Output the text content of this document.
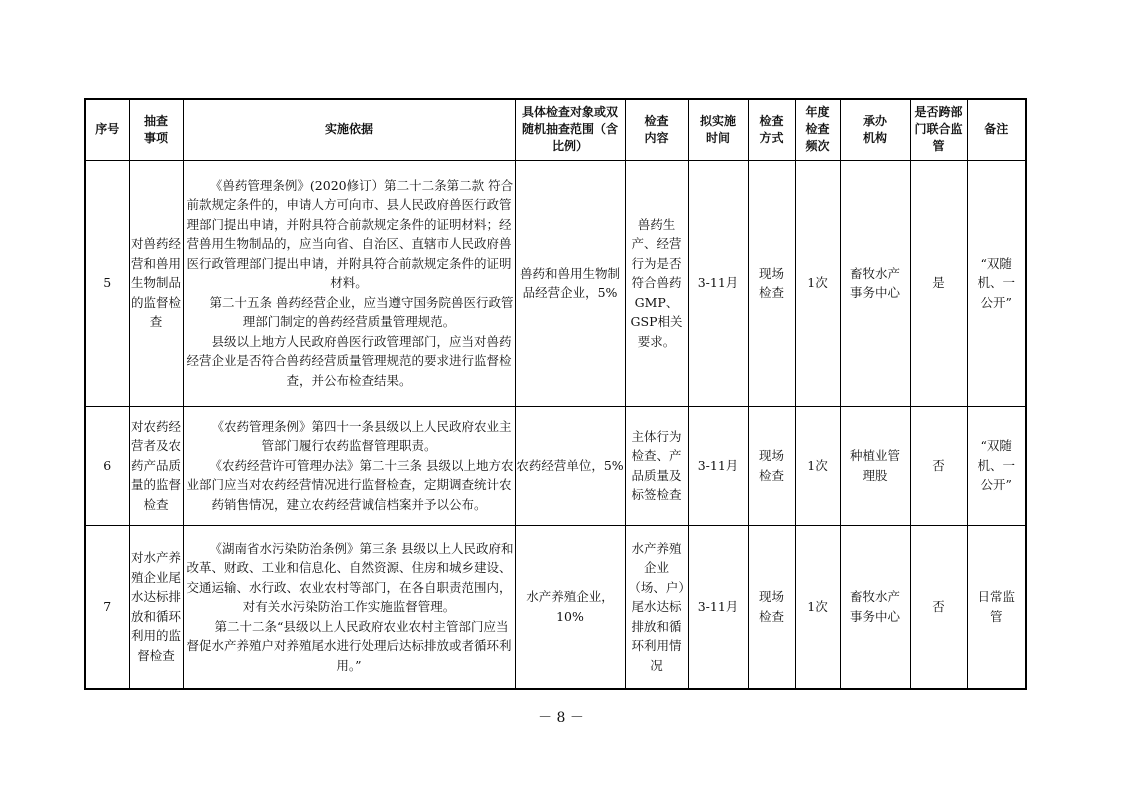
序号	抽查事项	实施依据	具体检查对象或双随机抽查范围（含比例）	检查内容	拟实施时间	检查方式	年度检查频次	承办机构	是否跨部门联合监管	备注
5	对兽药经营和兽用生物制品的监督检查	《兽药管理条例》(2020修订）第二十二条第二款 符合前款规定条件的，申请人方可向市、县人民政府兽医行政管理部门提出申请，并附具符合前款规定条件的证明材料；经营兽用生物制品的，应当向省、自治区、直辖市人民政府兽医行政管理部门提出申请，并附具符合前款规定条件的证明材料。

第二十五条 兽药经营企业，应当遵守国务院兽医行政管理部门制定的兽药经营质量管理规范。

县级以上地方人民政府兽医行政管理部门，应当对兽药经营企业是否符合兽药经营质量管理规范的要求进行监督检查，并公布检查结果。	兽药和兽用生物制品经营企业，5%	兽药生产、经营行为是否符合兽药GMP、GSP相关要求。	3-11月	现场检查	1次	畜牧水产事务中心	是	“双随机、一公开”
6	对农药经营者及农药产品质量的监督检查	《农药管理条例》第四十一条县级以上人民政府农业主管部门履行农药监督管理职责。

《农药经营许可管理办法》第二十三条 县级以上地方农业部门应当对农药经营情况进行监督检查，定期调查统计农药销售情况，建立农药经营诚信档案并予以公布。	农药经营单位，5%	主体行为检查、产品质量及标签检查	3-11月	现场检查	1次	种植业管理股	否	“双随机、一公开”
7	对水产养殖企业尾水达标排放和循环利用的监督检查	《湖南省水污染防治条例》第三条 县级以上人民政府和改革、财政、工业和信息化、自然资源、住房和城乡建设、交通运输、水行政、农业农村等部门，在各自职责范围内，对有关水污染防治工作实施监督管理。

第二十二条“县级以上人民政府农业农村主管部门应当督促水产养殖户对养殖尾水进行处理后达标排放或者循环利用。”	水产养殖企业，10%	水产养殖企业（场、户）尾水达标排放和循环利用情况	3-11月	现场检查	1次	畜牧水产事务中心	否	日常监管
－ 8 －
